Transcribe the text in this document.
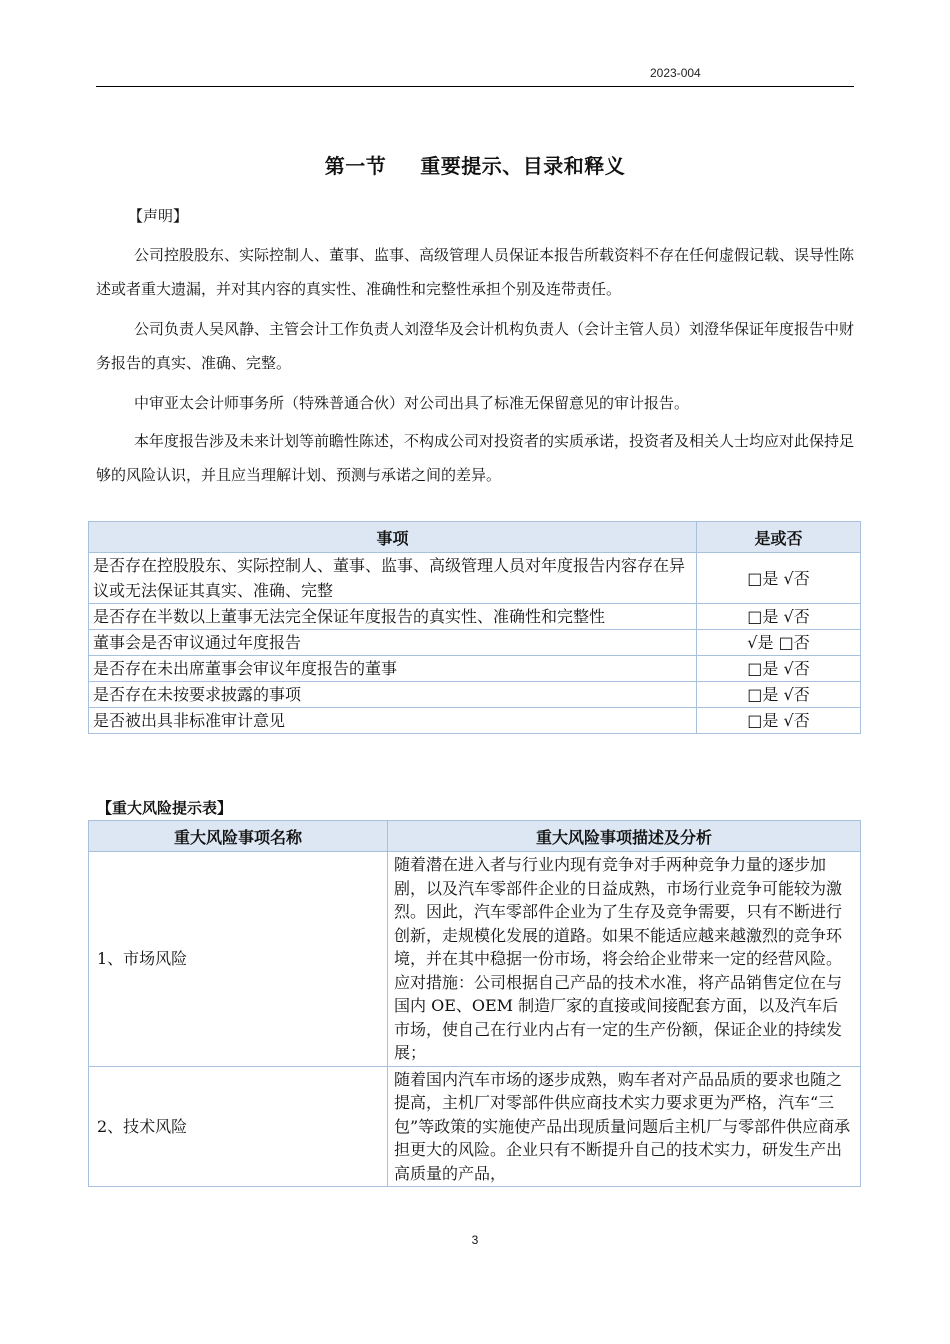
2023-004
第一节 重要提示、目录和释义
【声明】
公司控股股东、实际控制人、董事、监事、高级管理人员保证本报告所载资料不存在任何虚假记载、误导性陈述或者重大遗漏，并对其内容的真实性、准确性和完整性承担个别及连带责任。
公司负责人吴风静、主管会计工作负责人刘澄华及会计机构负责人（会计主管人员）刘澄华保证年度报告中财务报告的真实、准确、完整。
中审亚太会计师事务所（特殊普通合伙）对公司出具了标准无保留意见的审计报告。
本年度报告涉及未来计划等前瞻性陈述，不构成公司对投资者的实质承诺，投资者及相关人士均应对此保持足够的风险认识，并且应当理解计划、预测与承诺之间的差异。
事项	是或否
是否存在控股股东、实际控制人、董事、监事、高级管理人员对年度报告内容存在异议或无法保证其真实、准确、完整	□是 √否
是否存在半数以上董事无法完全保证年度报告的真实性、准确性和完整性	□是 √否
董事会是否审议通过年度报告	√是 □否
是否存在未出席董事会审议年度报告的董事	□是 √否
是否存在未按要求披露的事项	□是 √否
是否被出具非标准审计意见	□是 √否
【重大风险提示表】
重大风险事项名称	重大风险事项描述及分析
1、市场风险	随着潜在进入者与行业内现有竞争对手两种竞争力量的逐步加剧，以及汽车零部件企业的日益成熟，市场行业竞争可能较为激烈。因此，汽车零部件企业为了生存及竞争需要，只有不断进行创新，走规模化发展的道路。如果不能适应越来越激烈的竞争环境，并在其中稳据一份市场，将会给企业带来一定的经营风险。
应对措施：公司根据自己产品的技术水准，将产品销售定位在与国内 OE、OEM 制造厂家的直接或间接配套方面，以及汽车后市场，使自己在行业内占有一定的生产份额，保证企业的持续发展；

2、技术风险	随着国内汽车市场的逐步成熟，购车者对产品品质的要求也随之提高，主机厂对零部件供应商技术实力要求更为严格，汽车“三包”等政策的实施使产品出现质量问题后主机厂与零部件供应商承担更大的风险。企业只有不断提升自己的技术实力，研发生产出高质量的产品，
3
